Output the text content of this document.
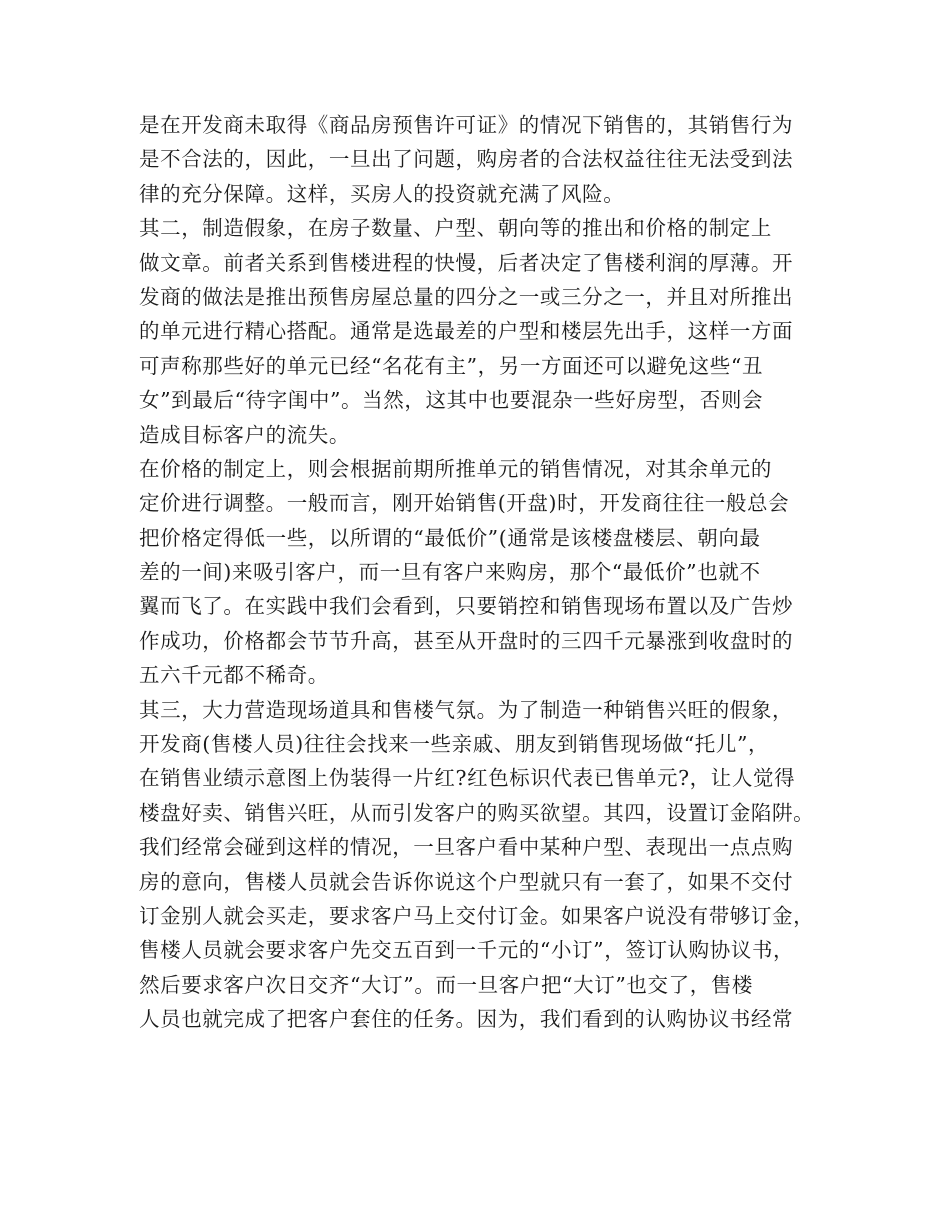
是在开发商未取得《商品房预售许可证》的情况下销售的，其销售行为
是不合法的，因此，一旦出了问题，购房者的合法权益往往无法受到法
律的充分保障。这样，买房人的投资就充满了风险。
其二，制造假象，在房子数量、户型、朝向等的推出和价格的制定上
做文章。前者关系到售楼进程的快慢，后者决定了售楼利润的厚薄。开
发商的做法是推出预售房屋总量的四分之一或三分之一，并且对所推出
的单元进行精心搭配。通常是选最差的户型和楼层先出手，这样一方面
可声称那些好的单元已经“名花有主”，另一方面还可以避免这些“丑
女”到最后“待字闺中”。当然，这其中也要混杂一些好房型，否则会
造成目标客户的流失。
在价格的制定上，则会根据前期所推单元的销售情况，对其余单元的
定价进行调整。一般而言，刚开始销售(开盘)时，开发商往往一般总会
把价格定得低一些，以所谓的“最低价”(通常是该楼盘楼层、朝向最
差的一间)来吸引客户，而一旦有客户来购房，那个“最低价”也就不
翼而飞了。在实践中我们会看到，只要销控和销售现场布置以及广告炒
作成功，价格都会节节升高，甚至从开盘时的三四千元暴涨到收盘时的
五六千元都不稀奇。
其三，大力营造现场道具和售楼气氛。为了制造一种销售兴旺的假象，
开发商(售楼人员)往往会找来一些亲戚、朋友到销售现场做“托儿”，
在销售业绩示意图上伪装得一片红?红色标识代表已售单元?，让人觉得
楼盘好卖、销售兴旺，从而引发客户的购买欲望。其四，设置订金陷阱。
我们经常会碰到这样的情况，一旦客户看中某种户型、表现出一点点购
房的意向，售楼人员就会告诉你说这个户型就只有一套了，如果不交付
订金别人就会买走，要求客户马上交付订金。如果客户说没有带够订金，
售楼人员就会要求客户先交五百到一千元的“小订”，签订认购协议书，
然后要求客户次日交齐“大订”。而一旦客户把“大订”也交了，售楼
人员也就完成了把客户套住的任务。因为，我们看到的认购协议书经常
